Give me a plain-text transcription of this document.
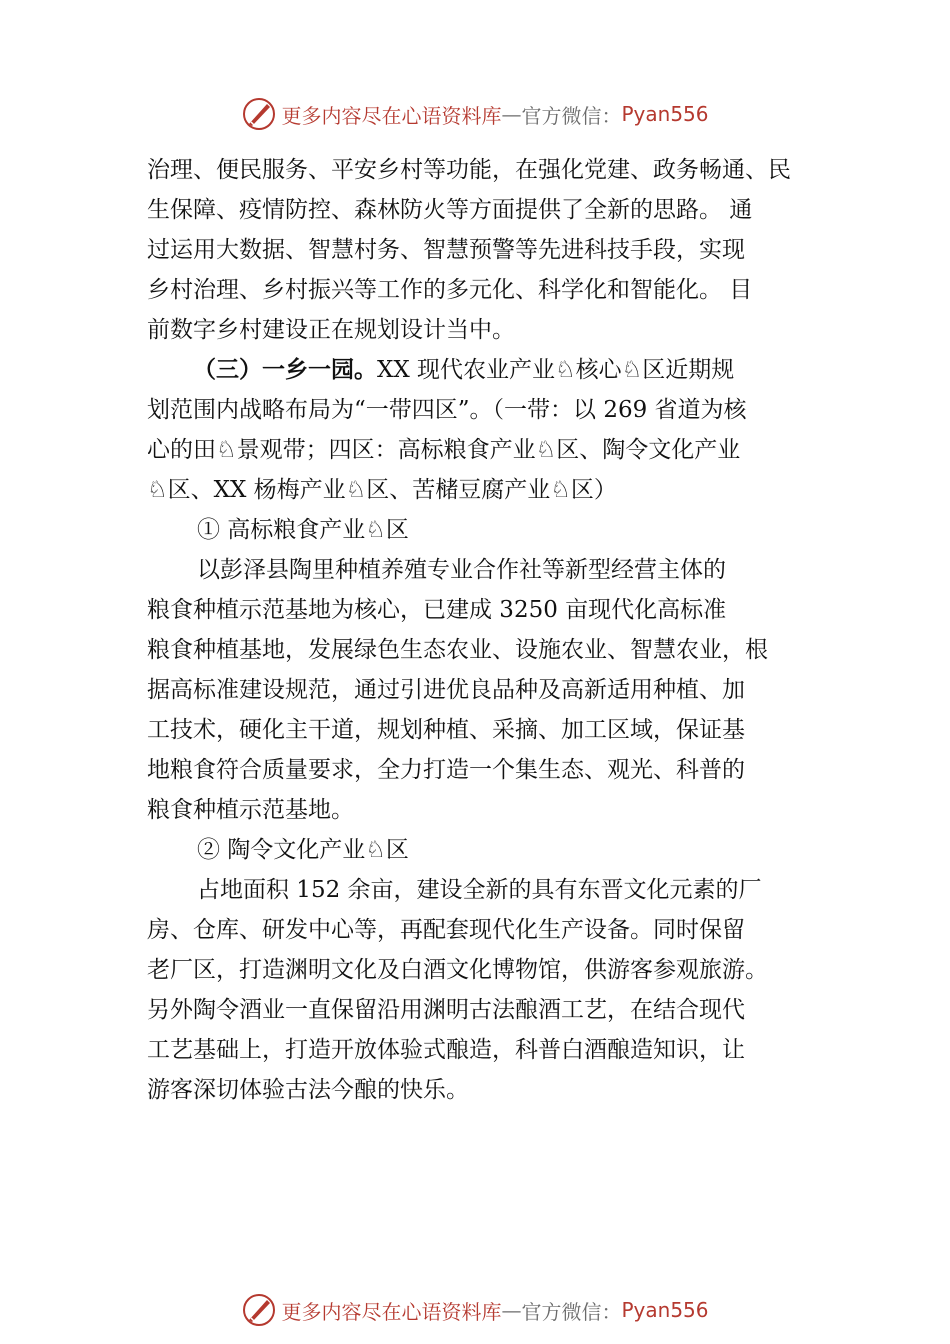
更多内容尽在心语资料库 — 官方微信： Pyan556
治理、便民服务、平安乡村等功能，在强化党建、政务畅通、民
生保障、疫情防控、森林防火等方面提供了全新的思路。 通
过运用大数据、智慧村务、智慧预警等先进科技手段，实现
乡村治理、乡村振兴等工作的多元化、科学化和智能化。 目
前数字乡村建设正在规划设计当中。
（三）一乡一园。XX 现代农业产业♘核心♘区近期规
划范围内战略布局为“一带四区”。（一带：以 269 省道为核
心的田♘景观带；四区：高标粮食产业♘区、陶令文化产业
♘区、XX 杨梅产业♘区、苦槠豆腐产业♘区）
① 高标粮食产业♘区
以彭泽县陶里种植养殖专业合作社等新型经营主体的
粮食种植示范基地为核心，已建成 3250 亩现代化高标准
粮食种植基地，发展绿色生态农业、设施农业、智慧农业，根
据高标准建设规范，通过引进优良品种及高新适用种植、加
工技术，硬化主干道，规划种植、采摘、加工区域，保证基
地粮食符合质量要求，全力打造一个集生态、观光、科普的
粮食种植示范基地。
② 陶令文化产业♘区
占地面积 152 余亩，建设全新的具有东晋文化元素的厂
房、仓库、研发中心等，再配套现代化生产设备。同时保留
老厂区，打造渊明文化及白酒文化博物馆，供游客参观旅游。
另外陶令酒业一直保留沿用渊明古法酿酒工艺，在结合现代
工艺基础上，打造开放体验式酿造，科普白酒酿造知识，让
游客深切体验古法今酿的快乐。
更多内容尽在心语资料库 — 官方微信： Pyan556
